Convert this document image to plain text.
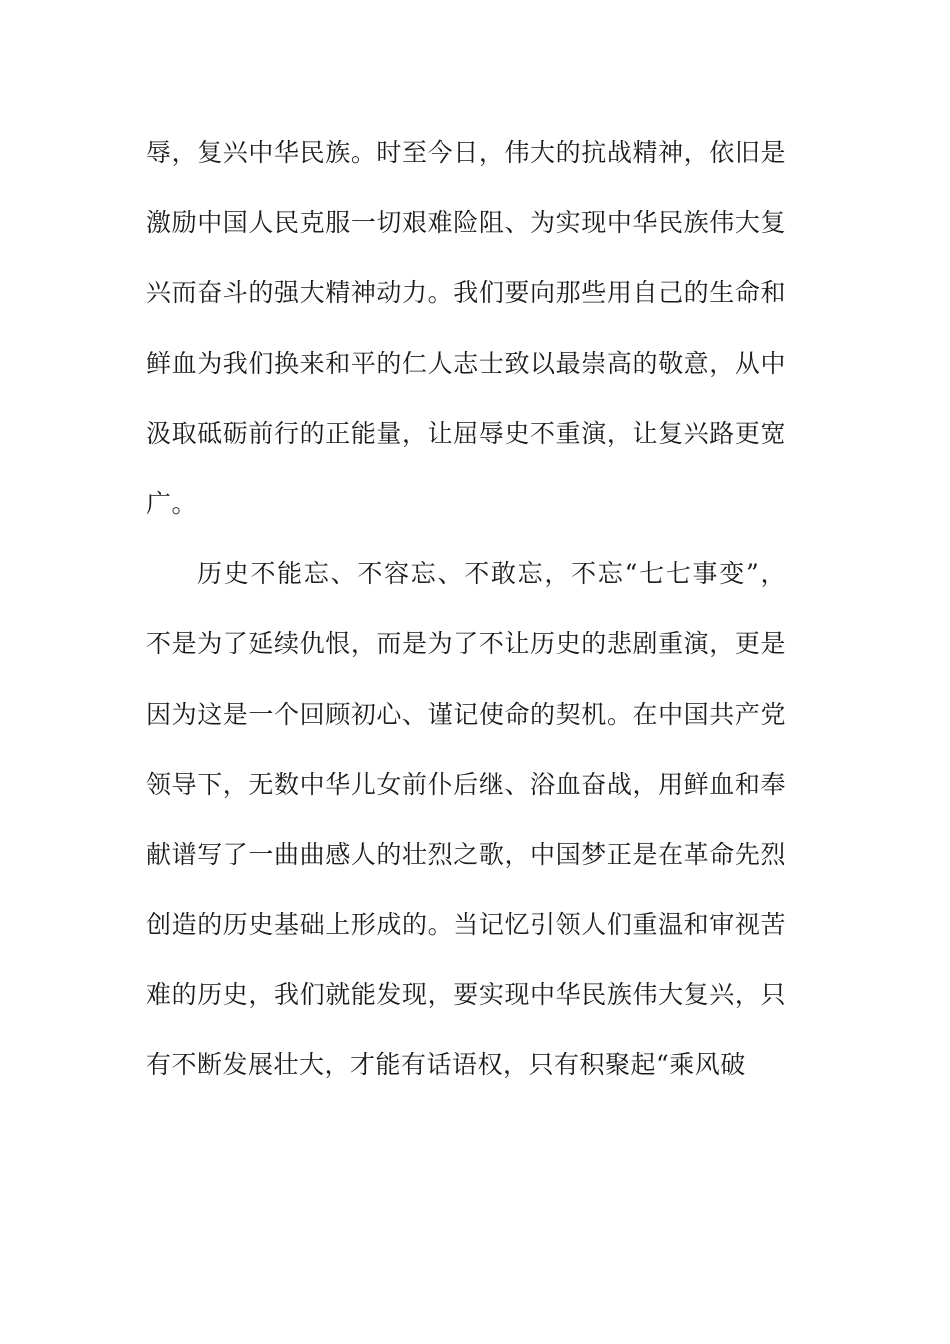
辱，复兴中华民族。时至今日，伟大的抗战精神，依旧是
激励中国人民克服一切艰难险阻、为实现中华民族伟大复
兴而奋斗的强大精神动力。我们要向那些用自己的生命和
鲜血为我们换来和平的仁人志士致以最崇高的敬意，从中
汲取砥砺前行的正能量，让屈辱史不重演，让复兴路更宽
广。
历史不能忘、不容忘、不敢忘，不忘“七七事变”，
不是为了延续仇恨，而是为了不让历史的悲剧重演，更是
因为这是一个回顾初心、谨记使命的契机。在中国共产党
领导下，无数中华儿女前仆后继、浴血奋战，用鲜血和奉
献谱写了一曲曲感人的壮烈之歌，中国梦正是在革命先烈
创造的历史基础上形成的。当记忆引领人们重温和审视苦
难的历史，我们就能发现，要实现中华民族伟大复兴，只
有不断发展壮大，才能有话语权，只有积聚起“乘风破
